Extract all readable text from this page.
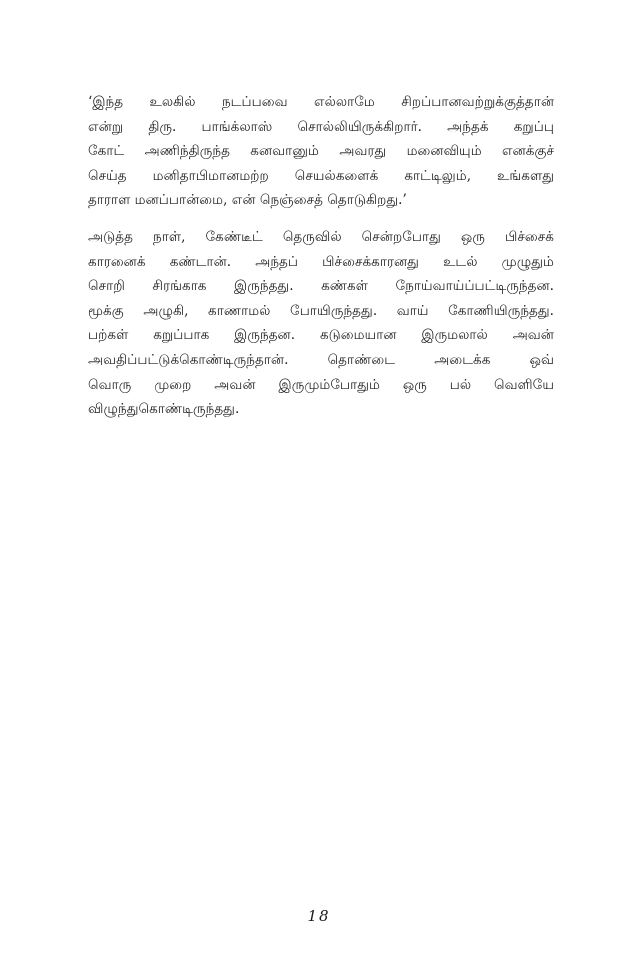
‘இந்த உலகில் நடப்பவை எல்லாமே சிறப்பானவற்றுக்குத்தான்
என்று திரு. பாங்க்லாஸ் சொல்லியிருக்கிறார். அந்தக் கறுப்பு
கோட் அணிந்திருந்த கனவானும் அவரது மனைவியும் எனக்குச்
செய்த மனிதாபிமானமற்ற செயல்களைக் காட்டிலும், உங்களது
தாராள மனப்பான்மை, என் நெஞ்சைத் தொடுகிறது.’
அடுத்த நாள், கேண்டீட் தெருவில் சென்றபோது ஒரு பிச்சைக்
காரனைக் கண்டான். அந்தப் பிச்சைக்காரனது உடல் முழுதும்
சொறி சிரங்காக இருந்தது. கண்கள் நோய்வாய்ப்பட்டிருந்தன.
மூக்கு அழுகி, காணாமல் போயிருந்தது. வாய் கோணியிருந்தது.
பற்கள் கறுப்பாக இருந்தன. கடுமையான இருமலால் அவன்
அவதிப்பட்டுக்கொண்டிருந்தான். தொண்டை அடைக்க ஒவ்
வொரு முறை அவன் இருமும்போதும் ஒரு பல் வெளியே
விழுந்துகொண்டிருந்தது.
18
